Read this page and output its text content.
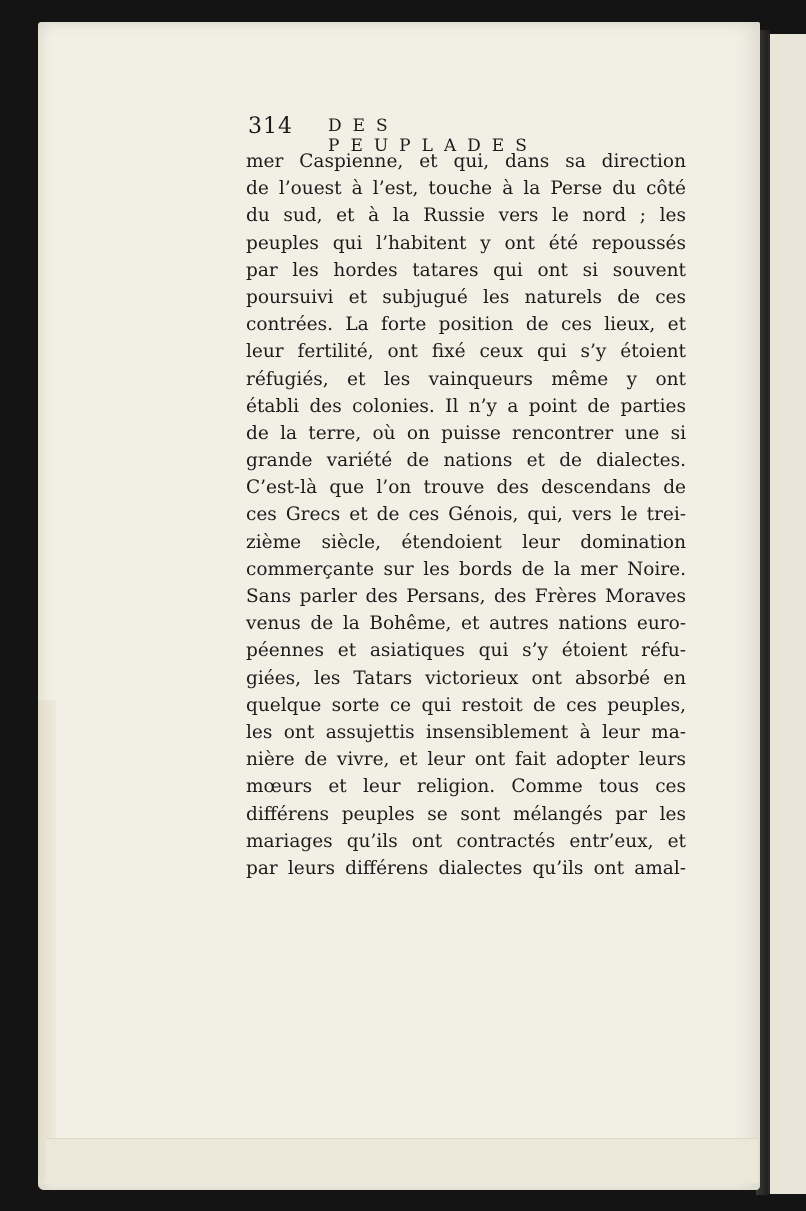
314 DES PEUPLADES
mer Caspienne, et qui, dans sa direction
de l’ouest à l’est, touche à la Perse du côté
du sud, et à la Russie vers le nord ; les
peuples qui l’habitent y ont été repoussés
par les hordes tatares qui ont si souvent
poursuivi et subjugué les naturels de ces
contrées. La forte position de ces lieux, et
leur fertilité, ont fixé ceux qui s’y étoient
réfugiés, et les vainqueurs même y ont
établi des colonies. Il n’y a point de parties
de la terre, où on puisse rencontrer une si
grande variété de nations et de dialectes.
C’est-là que l’on trouve des descendans de
ces Grecs et de ces Génois, qui, vers le trei-
zième siècle, étendoient leur domination
commerçante sur les bords de la mer Noire.
Sans parler des Persans, des Frères Moraves
venus de la Bohême, et autres nations euro-
péennes et asiatiques qui s’y étoient réfu-
giées, les Tatars victorieux ont absorbé en
quelque sorte ce qui restoit de ces peuples,
les ont assujettis insensiblement à leur ma-
nière de vivre, et leur ont fait adopter leurs
mœurs et leur religion. Comme tous ces
différens peuples se sont mélangés par les
mariages qu’ils ont contractés entr’eux, et
par leurs différens dialectes qu’ils ont amal-
